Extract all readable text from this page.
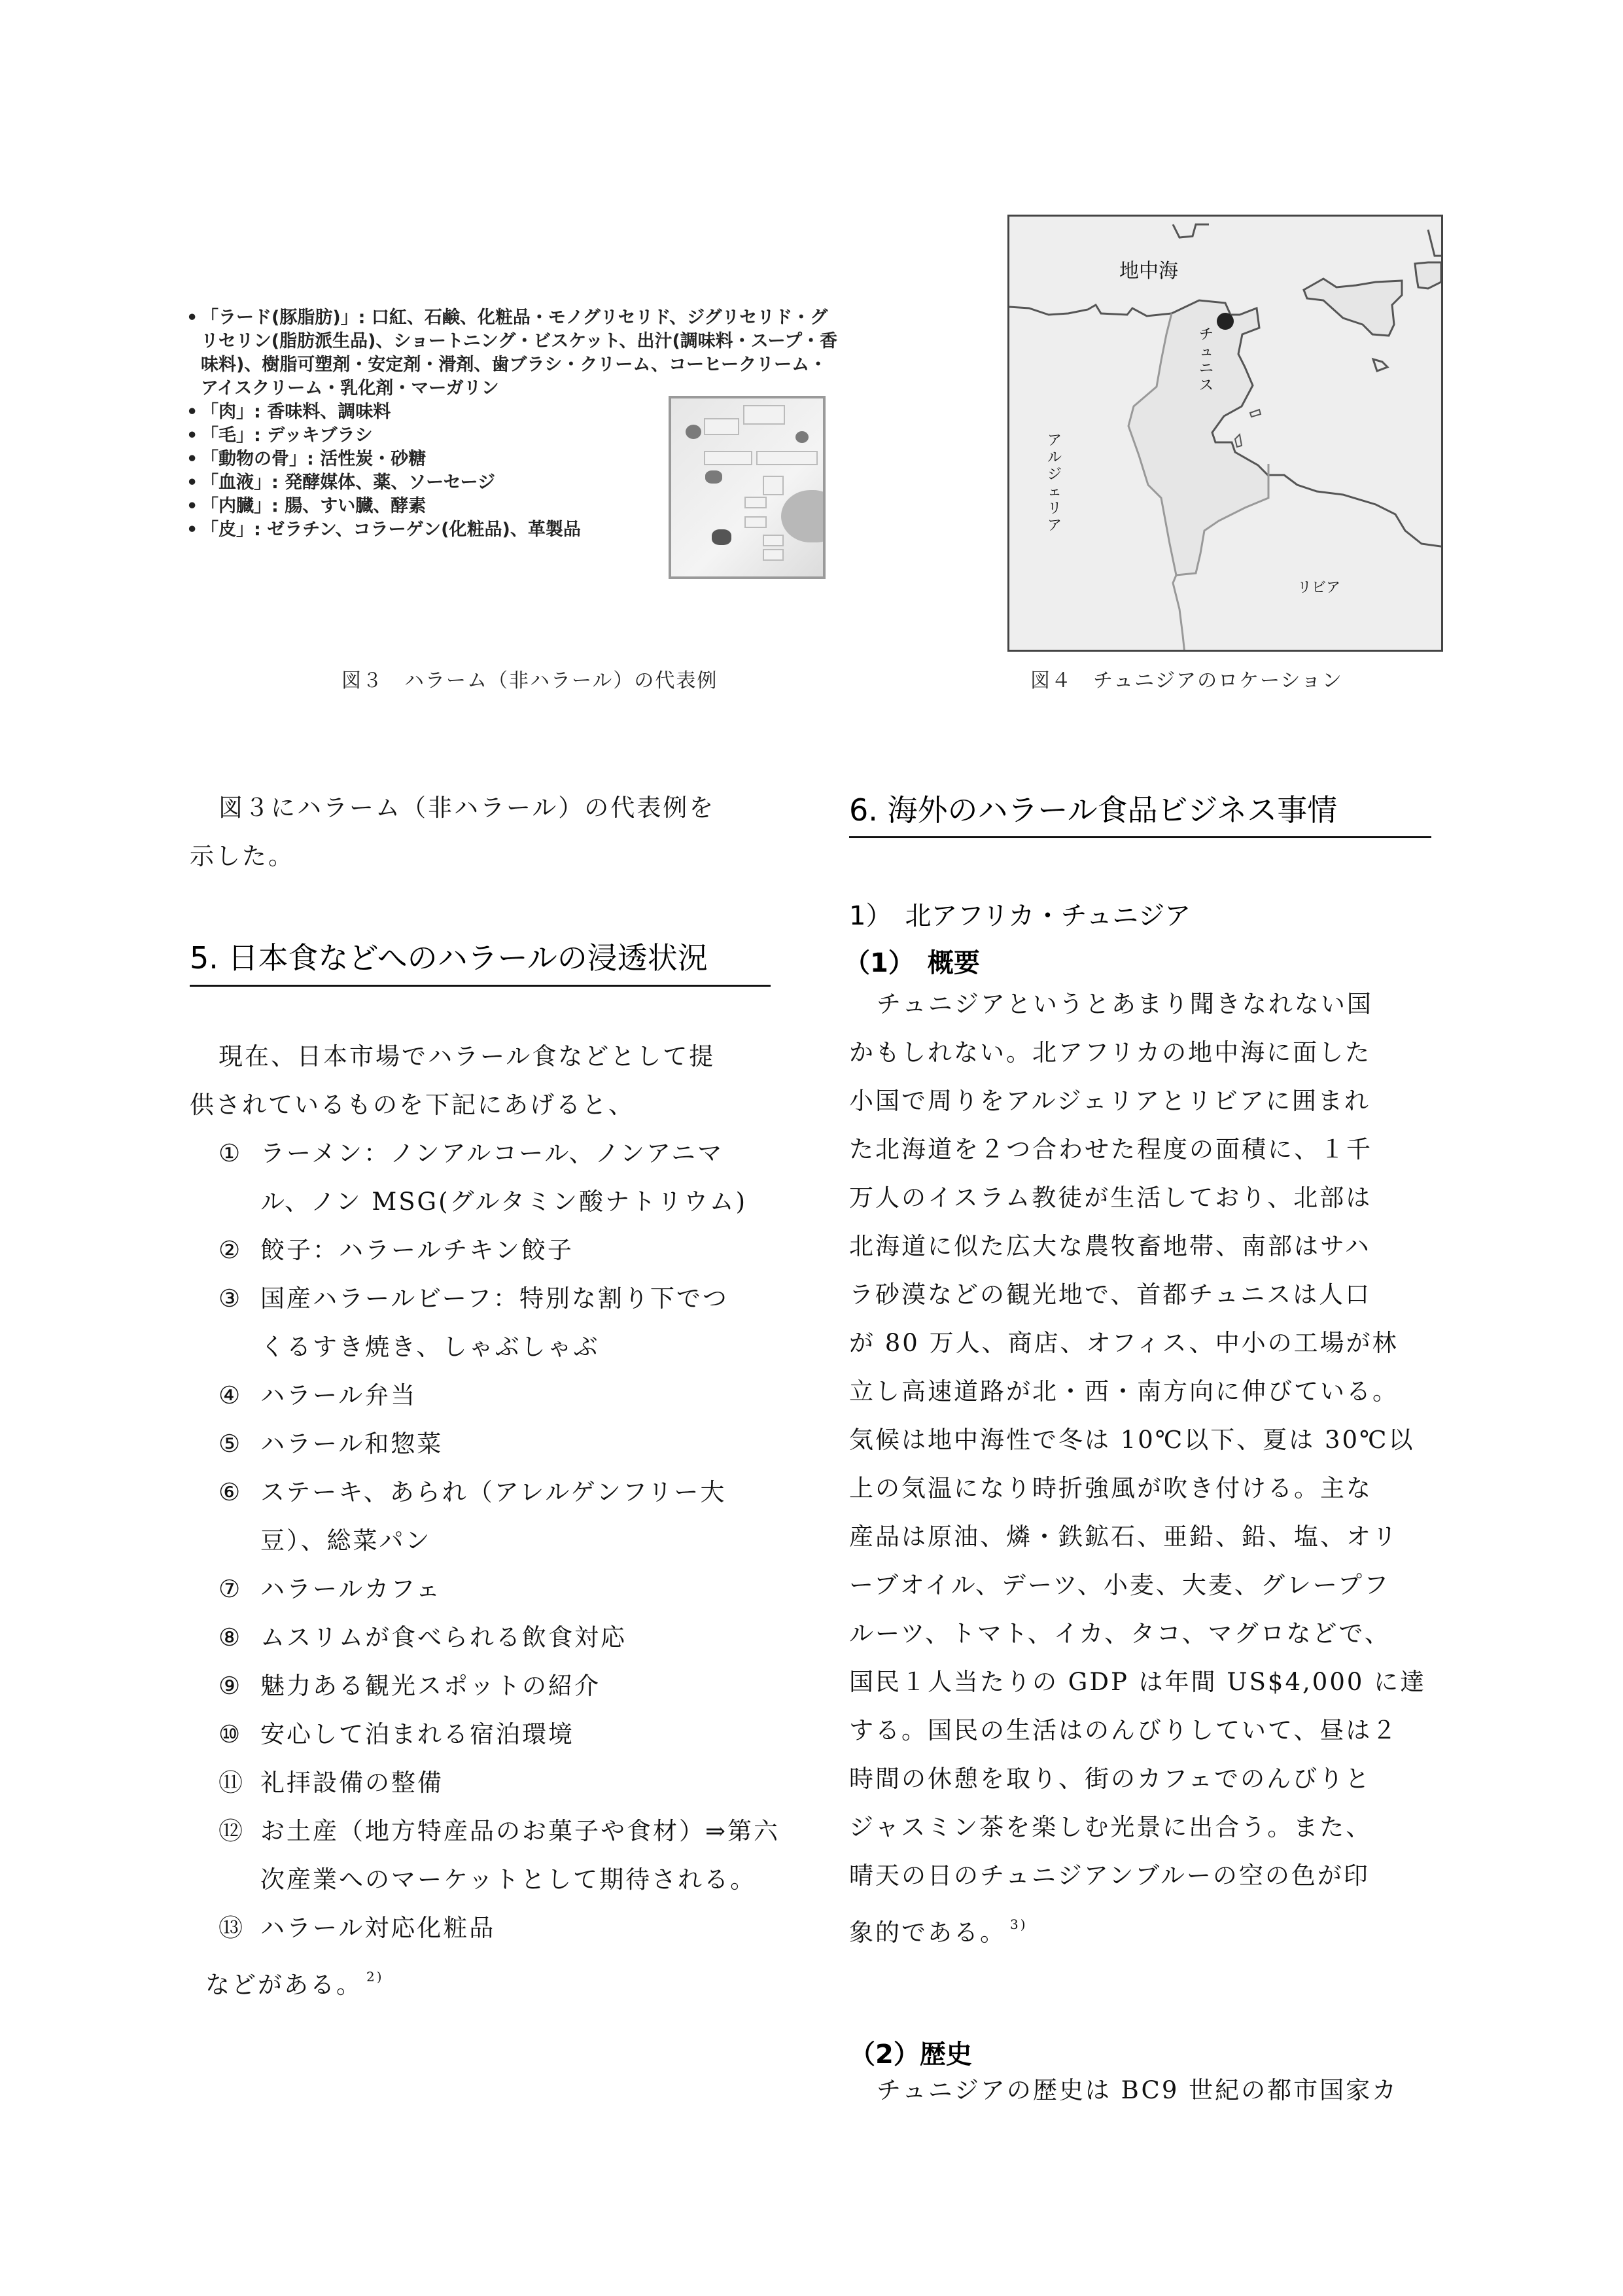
• 「ラード(豚脂肪)」: 口紅、石鹸、化粧品・モノグリセリド、ジグリセリド・グリセリン(脂肪派生品)、ショートニング・ビスケット、出汁(調味料・スープ・香味料)、樹脂可塑剤・安定剤・滑剤、歯ブラシ・クリーム、コーヒークリーム・アイスクリーム・乳化剤・マーガリン
• 「肉」: 香味料、調味料
• 「毛」: デッキブラシ
• 「動物の骨」: 活性炭・砂糖
• 「血液」: 発酵媒体、薬、ソーセージ
• 「内臓」: 腸、すい臓、酵素
• 「皮」: ゼラチン、コラーゲン(化粧品)、革製品
図３　ハラーム（非ハラール）の代表例
地中海
チュニス
アルジェリア
リビア
図４　チュニジアのロケーション
図３にハラーム（非ハラール）の代表例を
示した。
5. 日本食などへのハラールの浸透状況
現在、日本市場でハラール食などとして提
供されているものを下記にあげると、
① ラーメン：ノンアルコール、ノンアニマ
ル、ノン MSG(グルタミン酸ナトリウム)
② 餃子：ハラールチキン餃子
③ 国産ハラールビーフ：特別な割り下でつ
くるすき焼き、しゃぶしゃぶ
④ ハラール弁当
⑤ ハラール和惣菜
⑥ ステーキ、あられ（アレルゲンフリー大
豆）、総菜パン
⑦ ハラールカフェ
⑧ ムスリムが食べられる飲食対応
⑨ 魅力ある観光スポットの紹介
⑩ 安心して泊まれる宿泊環境
⑪ 礼拝設備の整備
⑫ お土産（地方特産品のお菓子や食材）⇒第六
次産業へのマーケットとして期待される。
⑬ ハラール対応化粧品
などがある。 $^{2)}$
6. 海外のハラール食品ビジネス事情
1）　北アフリカ・チュニジア
（1）　概要
チュニジアというとあまり聞きなれない国
かもしれない。北アフリカの地中海に面した
小国で周りをアルジェリアとリビアに囲まれ
た北海道を２つ合わせた程度の面積に、１千
万人のイスラム教徒が生活しており、北部は
北海道に似た広大な農牧畜地帯、南部はサハ
ラ砂漠などの観光地で、首都チュニスは人口
が 80 万人、商店、オフィス、中小の工場が林
立し高速道路が北・西・南方向に伸びている。
気候は地中海性で冬は 10℃以下、夏は 30℃以
上の気温になり時折強風が吹き付ける。主な
産品は原油、燐・鉄鉱石、亜鉛、鉛、塩、オリ
ーブオイル、デーツ、小麦、大麦、グレープフ
ルーツ、トマト、イカ、タコ、マグロなどで、
国民１人当たりの GDP は年間 US$4,000 に達
する。国民の生活はのんびりしていて、昼は２
時間の休憩を取り、街のカフェでのんびりと
ジャスミン茶を楽しむ光景に出合う。また、
晴天の日のチュニジアンブルーの空の色が印
象的である。 $^{3)}$
（2）歴史
チュニジアの歴史は BC9 世紀の都市国家カ
